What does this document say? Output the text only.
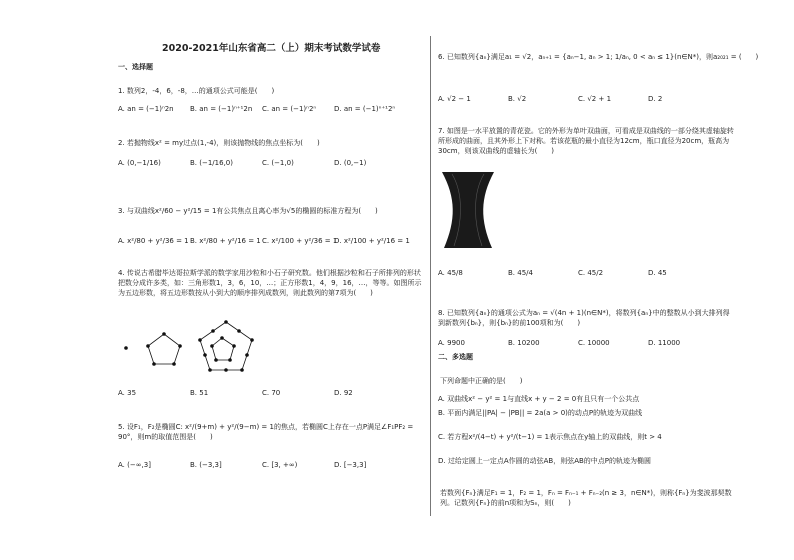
2020-2021年山东省高二（上）期末考试数学试卷
一、选择题
1. 数列2，-4，6，-8，…的通项公式可能是(　　)
A. an = (−1)ⁿ2n B. an = (−1)ⁿ⁺¹2n C. an = (−1)ⁿ2ⁿ	D. an = (−1)ⁿ⁺¹2ⁿ
2. 若抛物线x² = my过点(1,-4)，则该抛物线的焦点坐标为(　　)
A. (0,−1/16)	B. (−1/16,0)	C. (−1,0)	D. (0,−1)
3. 与双曲线x²/60 − y²/15 = 1有公共焦点且离心率为√5的椭圆的标准方程为(　　)
A. x²/80 + y²/36 = 1 B. x²/80 + y²/16 = 1 C. x²/100 + y²/36 = 1
D. x²/100 + y²/16 = 1
4. 传说古希腊毕达哥拉斯学派的数学家用沙粒和小石子研究数。他们根据沙粒和石子所排列的形状把数分成许多类，如：三角形数1，3，6，10，…；正方形数1，4，9，16，…，等等。如图所示为五边形数，将五边形数按从小到大的顺序排列成数列，则此数列的第7项为(　　)
A. 35	B. 51	C. 70	D. 92
5. 设F₁，F₂是椭圆C: x²/(9+m) + y²/(9−m) = 1的焦点，若椭圆C上存在一点P满足∠F₁PF₂ = 90°，则m的取值范围是(　　)
A. (−∞,3]	B. (−3,3]	C. [3, +∞)	D. [−3,3]
6. 已知数列{aₙ}满足a₁ = √2，aₙ₊₁ = {aₙ−1, aₙ > 1; 1/aₙ, 0 < aₙ ≤ 1}(n∈N*)，则a₂₀₂₁ = (　　)
A. √2 − 1	B. √2	C. √2 + 1	D. 2
7. 如图是一水平放置的青花瓷。它的外形为单叶双曲面，可看成是双曲线的一部分绕其虚轴旋转所形成的曲面，且其外形上下对称。若该花瓶的最小直径为12cm，瓶口直径为20cm，瓶高为30cm，则该双曲线的虚轴长为(　　)
A. 45/8	B. 45/4	C. 45/2	D. 45
8. 已知数列{aₙ}的通项公式为aₙ = √(4n + 1)(n∈N*)，将数列{aₙ}中的整数从小到大排列得到新数列{bₙ}，则{bₙ}的前100项和为(　　)
A. 9900	B. 10200	C. 10000	D. 11000
二、多选题
下列命题中正确的是(　　)
A. 双曲线x² − y² = 1与直线x + y − 2 = 0有且只有一个公共点
B. 平面内满足||PA| − |PB|| = 2a(a > 0)的动点P的轨迹为双曲线
C. 若方程x²/(4−t) + y²/(t−1) = 1表示焦点在y轴上的双曲线，则t > 4
D. 过给定圆上一定点A作圆的动弦AB，则弦AB的中点P的轨迹为椭圆
若数列{Fₙ}满足F₁ = 1，F₂ = 1，Fₙ = Fₙ₋₁ + Fₙ₋₂(n ≥ 3，n∈N*)，则称{Fₙ}为斐波那契数列。记数列{Fₙ}的前n项和为Sₙ，则(　　)
